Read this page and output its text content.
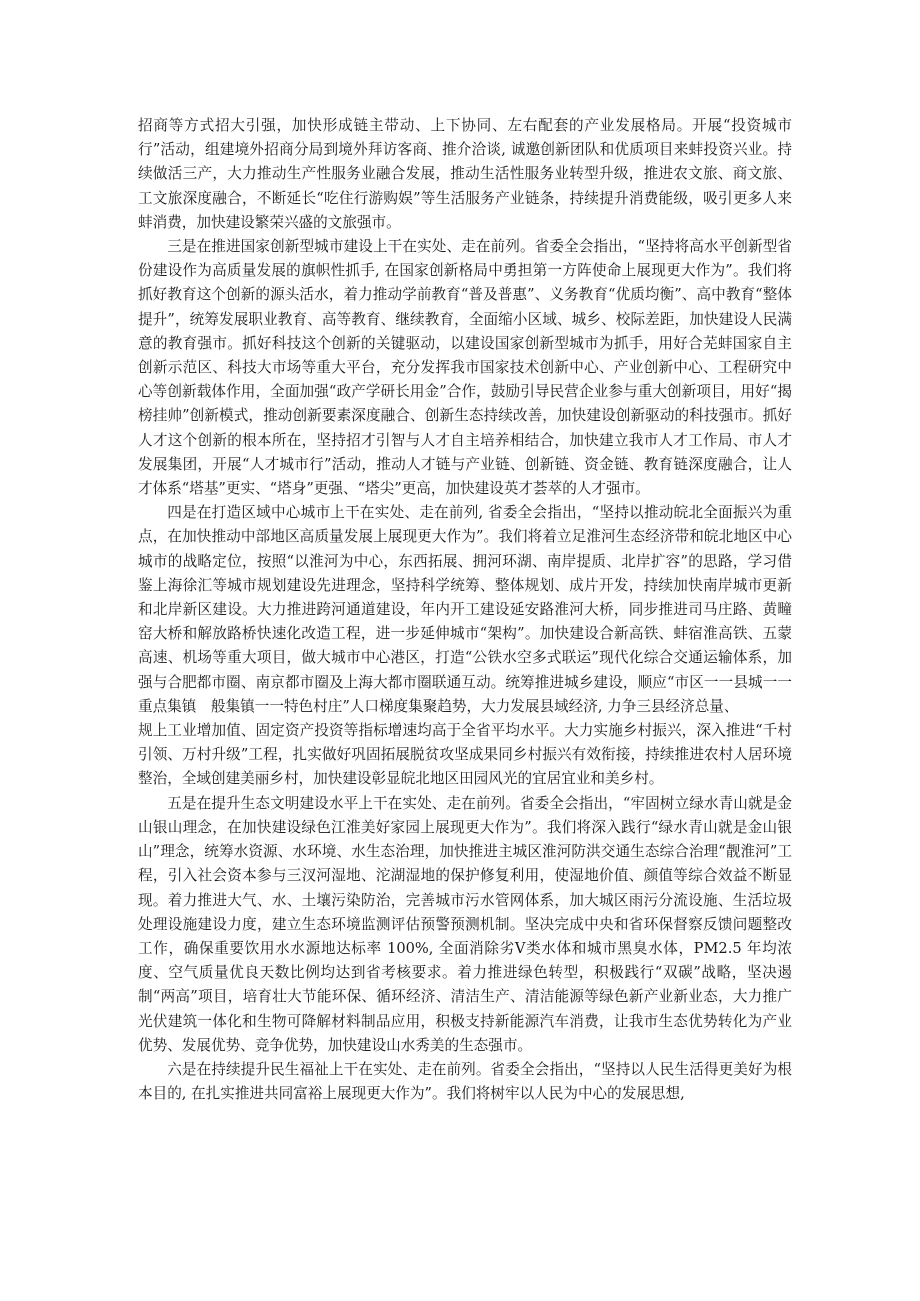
招商等方式招大引强，加快形成链主带动、上下协同、左右配套的产业发展格局。开展“投资城市行”活动，组建境外招商分局到境外拜访客商、推介洽谈, 诚邀创新团队和优质项目来蚌投资兴业。持续做活三产，大力推动生产性服务业融合发展，推动生活性服务业转型升级，推进农文旅、商文旅、工文旅深度融合，不断延长“吃住行游购娱”等生活服务产业链条，持续提升消费能级，吸引更多人来蚌消费，加快建设繁荣兴盛的文旅强市。

三是在推进国家创新型城市建设上干在实处、走在前列。省委全会指出，“坚持将高水平创新型省份建设作为高质量发展的旗帜性抓手, 在国家创新格局中勇担第一方阵使命上展现更大作为”。我们将抓好教育这个创新的源头活水，着力推动学前教育“普及普惠”、义务教育“优质均衡”、高中教育“整体提升”，统筹发展职业教育、高等教育、继续教育，全面缩小区域、城乡、校际差距，加快建设人民满意的教育强市。抓好科技这个创新的关键驱动，以建设国家创新型城市为抓手，用好合芜蚌国家自主创新示范区、科技大市场等重大平台，充分发挥我市国家技术创新中心、产业创新中心、工程研究中心等创新载体作用，全面加强“政产学研长用金”合作，鼓励引导民营企业参与重大创新项目，用好“揭榜挂帅”创新模式，推动创新要素深度融合、创新生态持续改善，加快建设创新驱动的科技强市。抓好人才这个创新的根本所在，坚持招才引智与人才自主培养相结合，加快建立我市人才工作局、市人才发展集团，开展“人才城市行”活动，推动人才链与产业链、创新链、资金链、教育链深度融合，让人才体系“塔基”更实、“塔身”更强、“塔尖”更高，加快建设英才荟萃的人才强市。

四是在打造区域中心城市上干在实处、走在前列, 省委全会指出，“坚持以推动皖北全面振兴为重点，在加快推动中部地区高质量发展上展现更大作为”。我们将着立足淮河生态经济带和皖北地区中心城市的战略定位，按照“以淮河为中心，东西拓展、拥河环湖、南岸提质、北岸扩容”的思路，学习借鉴上海徐汇等城市规划建设先进理念，坚持科学统筹、整体规划、成片开发，持续加快南岸城市更新和北岸新区建设。大力推进跨河通道建设，年内开工建设延安路淮河大桥，同步推进司马庄路、黄疃窑大桥和解放路桥快速化改造工程，进一步延伸城市“架构”。加快建设合新高铁、蚌宿淮高铁、五蒙高速、机场等重大项目，做大城市中心港区，打造“公铁水空多式联运”现代化综合交通运输体系，加强与合肥都市圈、南京都市圈及上海大都市圈联通互动。统筹推进城乡建设，顺应“市区一一县城一一重点集镇　般集镇一一特色村庄”人口梯度集聚趋势，大力发展县域经济, 力争三县经济总量、

规上工业增加值、固定资产投资等指标增速均高于全省平均水平。大力实施乡村振兴，深入推进“千村引领、万村升级”工程，扎实做好巩固拓展脱贫攻坚成果同乡村振兴有效衔接，持续推进农村人居环境整治，全域创建美丽乡村，加快建设彰显皖北地区田园风光的宜居宜业和美乡村。

五是在提升生态文明建设水平上干在实处、走在前列。省委全会指出，“牢固树立绿水青山就是金山银山理念，在加快建设绿色江淮美好家园上展现更大作为”。我们将深入践行“绿水青山就是金山银山”理念，统筹水资源、水环境、水生态治理，加快推进主城区淮河防洪交通生态综合治理“靓淮河”工程，引入社会资本参与三汊河湿地、沱湖湿地的保护修复利用，使湿地价值、颜值等综合效益不断显现。着力推进大气、水、土壤污染防治，完善城市污水管网体系，加大城区雨污分流设施、生活垃圾处理设施建设力度，建立生态环境监测评估预警预测机制。坚决完成中央和省环保督察反馈问题整改工作，确保重要饮用水水源地达标率 100%, 全面消除劣Ⅴ类水体和城市黑臭水体，PM2.5 年均浓度、空气质量优良天数比例均达到省考核要求。着力推进绿色转型，积极践行“双碳”战略，坚决遏制“两高”项目，培育壮大节能环保、循环经济、清洁生产、清洁能源等绿色新产业新业态，大力推广光伏建筑一体化和生物可降解材料制品应用，积极支持新能源汽车消费，让我市生态优势转化为产业优势、发展优势、竞争优势，加快建设山水秀美的生态强市。

六是在持续提升民生福祉上干在实处、走在前列。省委全会指出，“坚持以人民生活得更美好为根本目的, 在扎实推进共同富裕上展现更大作为”。我们将树牢以人民为中心的发展思想,
